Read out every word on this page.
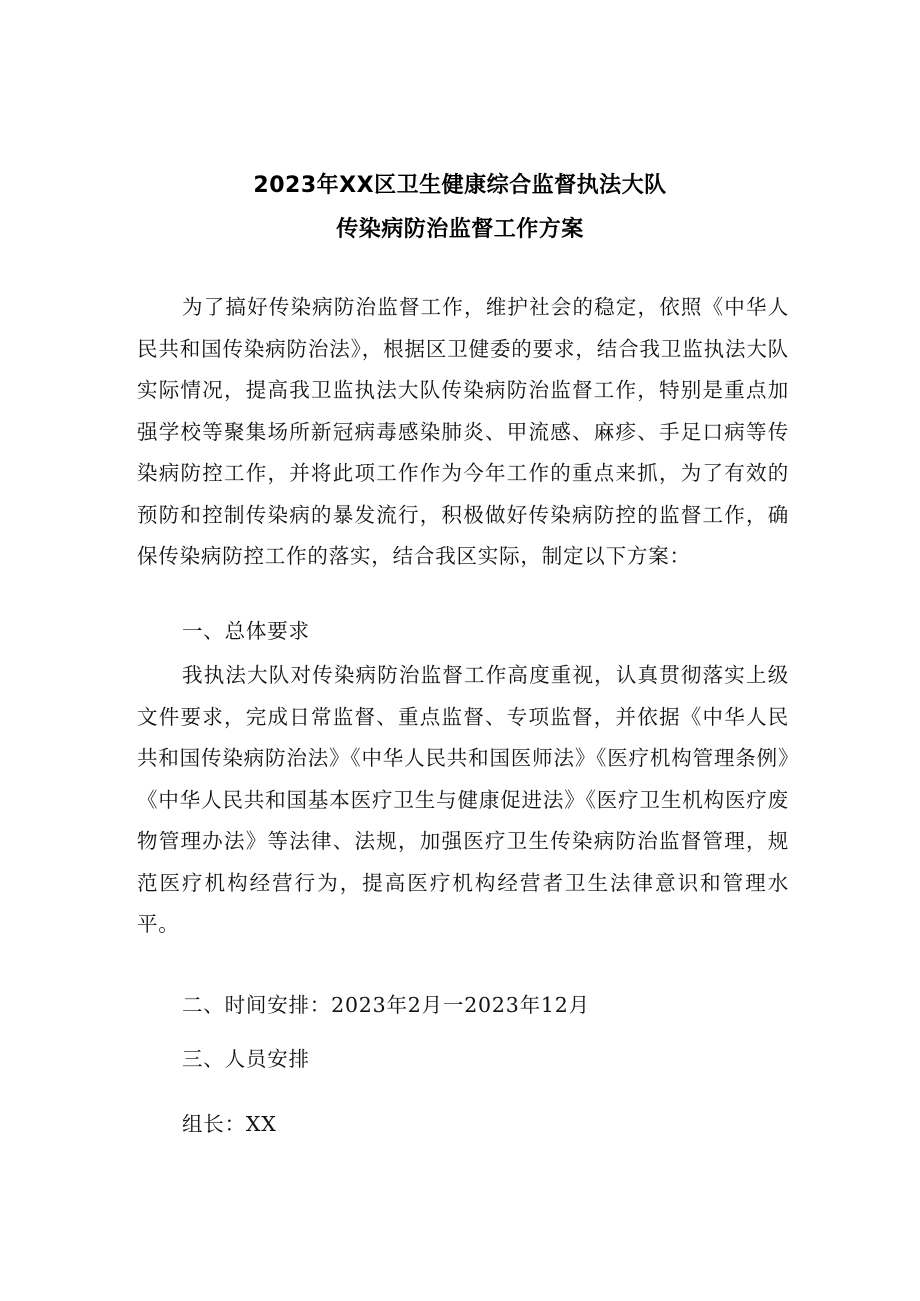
2023年XX区卫生健康综合监督执法大队
传染病防治监督工作方案

为了搞好传染病防治监督工作，维护社会的稳定，依照《中华人民共和国传染病防治法》，根据区卫健委的要求，结合我卫监执法大队实际情况，提高我卫监执法大队传染病防治监督工作，特别是重点加强学校等聚集场所新冠病毒感染肺炎、甲流感、麻疹、手足口病等传染病防控工作，并将此项工作作为今年工作的重点来抓，为了有效的预防和控制传染病的暴发流行，积极做好传染病防控的监督工作，确保传染病防控工作的落实，结合我区实际，制定以下方案：

一、总体要求

我执法大队对传染病防治监督工作高度重视，认真贯彻落实上级文件要求，完成日常监督、重点监督、专项监督，并依据《中华人民共和国传染病防治法》《中华人民共和国医师法》《医疗机构管理条例》《中华人民共和国基本医疗卫生与健康促进法》《医疗卫生机构医疗废物管理办法》等法律、法规，加强医疗卫生传染病防治监督管理，规范医疗机构经营行为，提高医疗机构经营者卫生法律意识和管理水平。

二、时间安排：2023年2月一2023年12月

三、人员安排

组长：XX
